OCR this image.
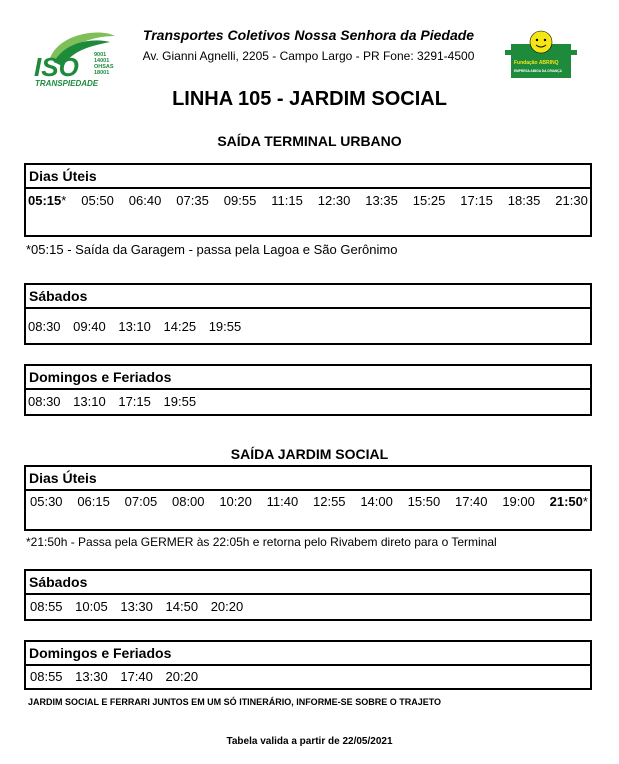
ISO
TRANSPIEDADE
9001
14001
OHSAS
18001
Transportes Coletivos Nossa Senhora da Piedade
Av. Gianni Agnelli, 2205 - Campo Largo - PR Fone: 3291-4500	Fundação ABRINQ
EMPRESA AMIGA DA CRIANÇA
LINHA 105 - JARDIM SOCIAL
SAÍDA TERMINAL URBANO
Dias Úteis
05:15* 05:50 06:40 07:35 09:55 11:15 12:30 13:35 15:25 17:15 18:35 21:30
*05:15 - Saída da Garagem - passa pela Lagoa e São Gerônimo
Sábados
08:30 09:40 13:10 14:25 19:55
Domingos e Feriados
08:30 13:10 17:15 19:55
SAÍDA JARDIM SOCIAL
Dias Úteis
05:30 06:15 07:05 08:00 10:20 11:40 12:55 14:00 15:50 17:40 19:00 21:50*
*21:50h - Passa pela GERMER às 22:05h e retorna pelo Rivabem direto para o Terminal
Sábados
08:55 10:05 13:30 14:50 20:20
Domingos e Feriados
08:55 13:30 17:40 20:20
JARDIM SOCIAL E FERRARI JUNTOS EM UM SÓ ITINERÁRIO, INFORME-SE SOBRE O TRAJETO
Tabela valida a partir de 22/05/2021
